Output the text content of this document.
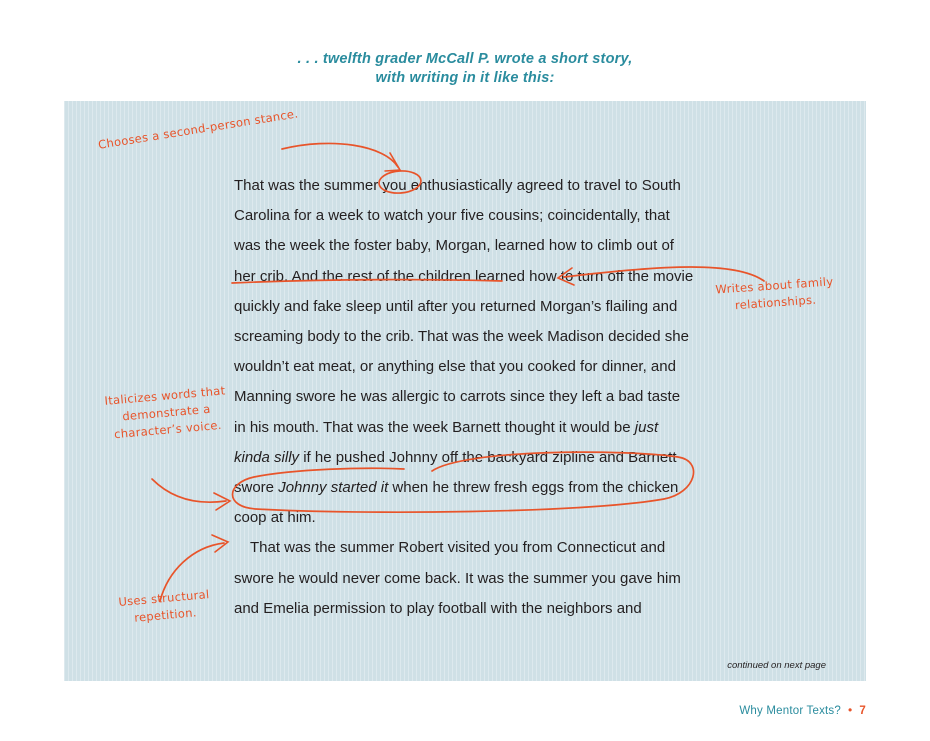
. . . twelfth grader McCall P. wrote a short story,
with writing in it like this:

That was the summer you enthusiastically agreed to travel to South Carolina for a week to watch your five cousins; coincidentally, that was the week the foster baby, Morgan, learned how to climb out of her crib. And the rest of the children learned how to turn off the movie quickly and fake sleep until after you returned Morgan’s flailing and screaming body to the crib. That was the week Madison decided she wouldn’t eat meat, or anything else that you cooked for dinner, and Manning swore he was allergic to carrots since they left a bad taste in his mouth. That was the week Barnett thought it would be just kinda silly if he pushed Johnny off the backyard zipline and Barnett swore Johnny started it when he threw fresh eggs from the chicken coop at him.

That was the summer Robert visited you from Connecticut and swore he would never come back. It was the summer you gave him and Emelia permission to play football with the neighbors and

continued on next page
Chooses a second-person stance.
Writes about family relationships.
Italicizes words that demonstrate a character’s voice.
Uses structural repetition.
Why Mentor Texts? • 7
